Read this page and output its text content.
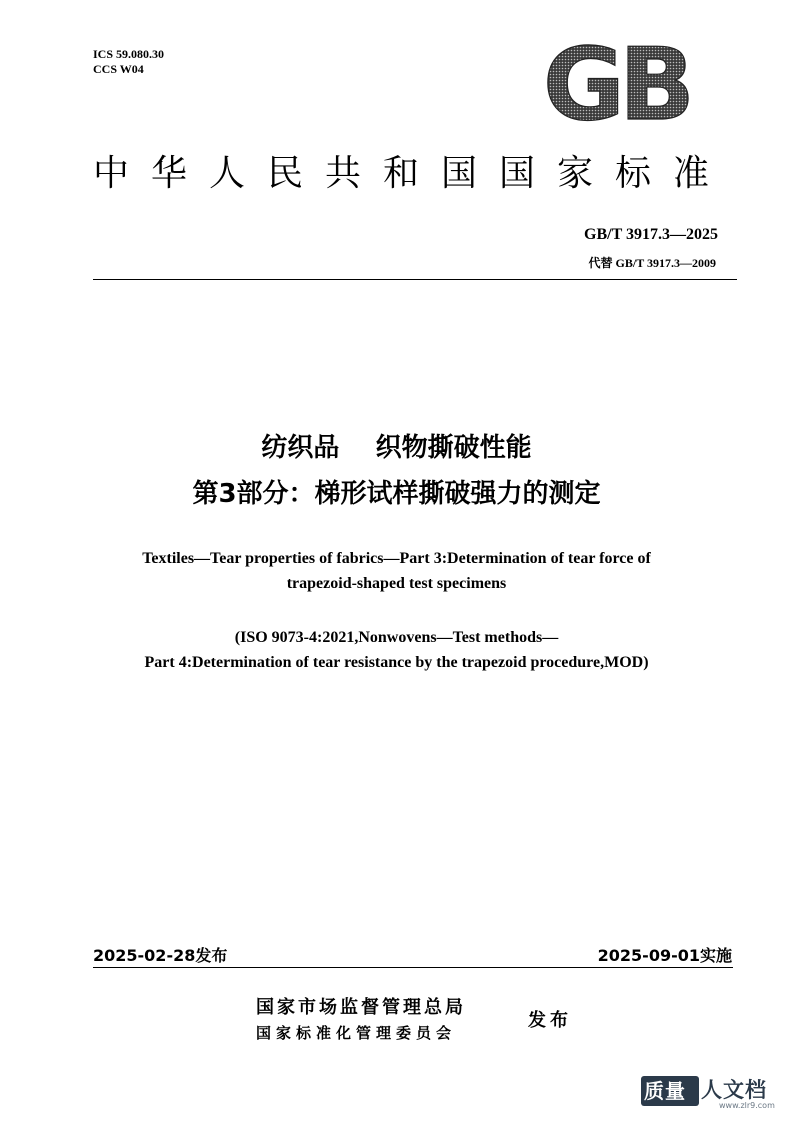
ICS 59.080.30
CCS W04	GB
中华人民共和国国家标准
GB/T 3917.3—2025
代替 GB/T 3917.3—2009
纺织品    织物撕破性能
第3部分：梯形试样撕破强力的测定
Textiles—Tear properties of fabrics—Part 3:Determination of tear force of
trapezoid-shaped test specimens
(ISO 9073-4:2021,Nonwovens—Test methods—
Part 4:Determination of tear resistance by the trapezoid procedure,MOD)
2025-02-28发布	2025-09-01实施
国家市场监督管理总局
国家标准化管理委员会
发布
质量 人文档
www.zlr9.com
